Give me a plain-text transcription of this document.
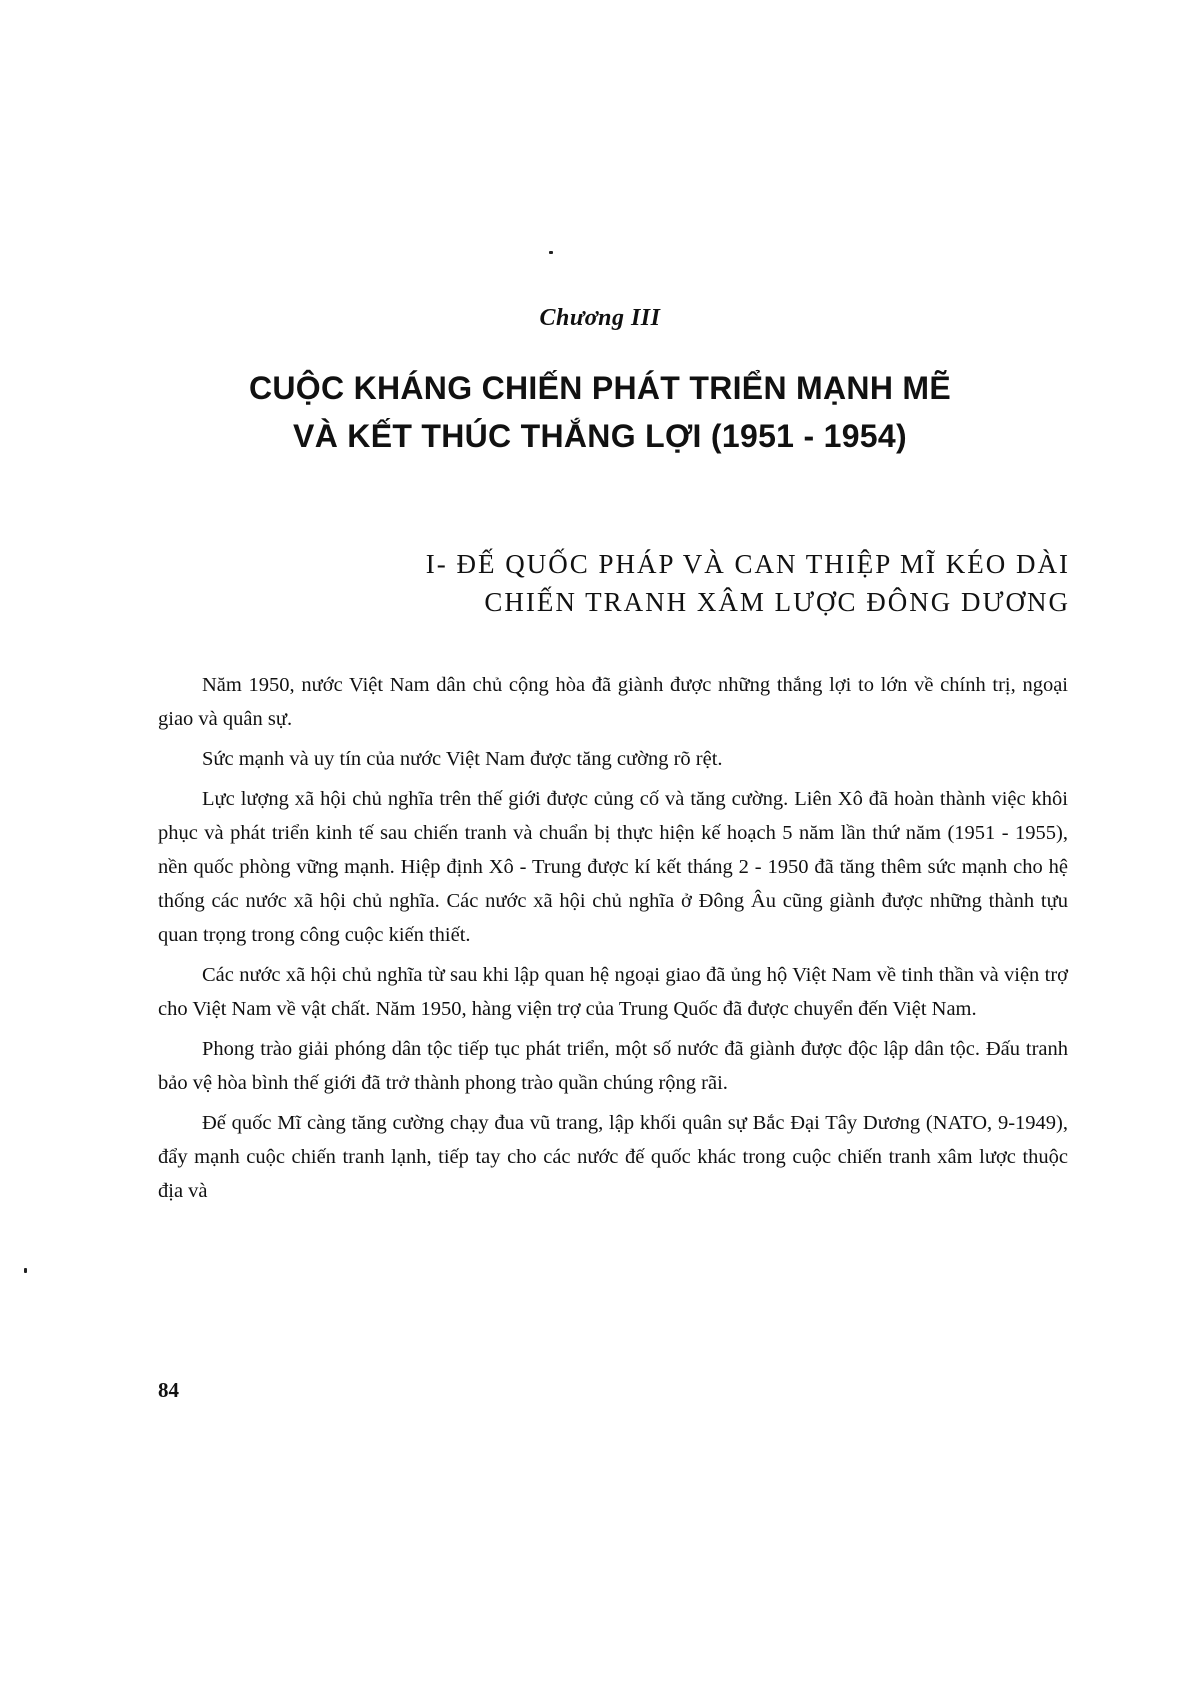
Chương III
CUỘC KHÁNG CHIẾN PHÁT TRIỂN MẠNH MẼ
VÀ KẾT THÚC THẮNG LỢI (1951 - 1954)
I- ĐẾ QUỐC PHÁP VÀ CAN THIỆP MĨ KÉO DÀI
CHIẾN TRANH XÂM LƯỢC ĐÔNG DƯƠNG

Năm 1950, nước Việt Nam dân chủ cộng hòa đã giành được những thắng lợi to lớn về chính trị, ngoại giao và quân sự.

Sức mạnh và uy tín của nước Việt Nam được tăng cường rõ rệt.

Lực lượng xã hội chủ nghĩa trên thế giới được củng cố và tăng cường. Liên Xô đã hoàn thành việc khôi phục và phát triển kinh tế sau chiến tranh và chuẩn bị thực hiện kế hoạch 5 năm lần thứ năm (1951 - 1955), nền quốc phòng vững mạnh. Hiệp định Xô - Trung được kí kết tháng 2 - 1950 đã tăng thêm sức mạnh cho hệ thống các nước xã hội chủ nghĩa. Các nước xã hội chủ nghĩa ở Đông Âu cũng giành được những thành tựu quan trọng trong công cuộc kiến thiết.

Các nước xã hội chủ nghĩa từ sau khi lập quan hệ ngoại giao đã ủng hộ Việt Nam về tinh thần và viện trợ cho Việt Nam về vật chất. Năm 1950, hàng viện trợ của Trung Quốc đã được chuyển đến Việt Nam.

Phong trào giải phóng dân tộc tiếp tục phát triển, một số nước đã giành được độc lập dân tộc. Đấu tranh bảo vệ hòa bình thế giới đã trở thành phong trào quần chúng rộng rãi.

Đế quốc Mĩ càng tăng cường chạy đua vũ trang, lập khối quân sự Bắc Đại Tây Dương (NATO, 9-1949), đẩy mạnh cuộc chiến tranh lạnh, tiếp tay cho các nước đế quốc khác trong cuộc chiến tranh xâm lược thuộc địa và

84
